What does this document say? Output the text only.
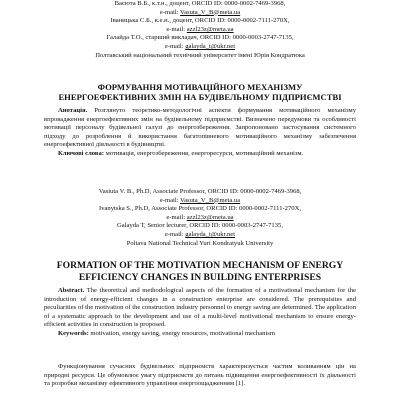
Васюта В.Б., к.т.н., доцент, ORCID ID: 0000-0002-7469-3968,
e-mail: Vasuta_V_B@meta.ua
Іваницька С.Б., к.е.н., доцент, ORCID ID: 0000-0002-7111-270X,
e-mail: azzl23z@meta.ua
Галайда Т.О., старший викладач, ORCID ID: 0000-0003-2747-7135,
e-mail: galayda_t@ukr.net
Полтавський національний технічний університет імені Юрія Кондратюка
ФОРМУВАННЯ МОТИВАЦІЙНОГО МЕХАНІЗМУ
ЕНЕРГОЕФЕКТИВНИХ ЗМІН НА БУДІВЕЛЬНОМУ ПІДПРИЄМСТВІ
Анотація. Розглянуто теоретико-методологічні аспекти формування мотиваційного механізму впровадження енергоефективних змін на будівельному підприємстві. Визначено передумови та особливості мотивації персоналу будівельної галузі до енергозбереження. Запропоновано застосування системного підходу до розроблення й використання багатопівневого мотиваційного механізму забезпечення енергоефективної діяльності в будівництві.
Ключові слова: мотивація, енергозбереження, енергоресурси, мотиваційний механізм.
Vasiuta V. B., Ph.D, Associate Professor, ORCID ID: 0000-0002-7469-3968,
e-mail: Vasuta_V_B@meta.ua
Ivanytska S., Ph.D, Associate Professor, ORCID ID: 0000-0002-7111-270X,
e-mail: azzl23z@meta.ua
Galayda T, Senior lecturer, ORCID ID: 0000-0003-2747-7135,
e-mail: galayda_t@ukr.net
Poltava National Technical Yuri Kondratyuk University
FORMATION OF THE MOTIVATION MECHANISM OF ENERGY
EFFICIENCY CHANGES IN BUILDING ENTERPRISES
Abstract. The theoretical and methodological aspects of the formation of a motivational mechanism for the introduction of energy-efficient changes in a construction enterprise are considered. The prerequisites and peculiarities of the motivation of the construction industry personnel to energy saving are determined. The application of a systematic approach to the development and use of a multi-level motivational mechanism to ensure energy-efficient activities in construction is proposed.
Keywords: motivation, energy saving, energy resources, motivational mechanism
Функціонування сучасних будівельних підприємств характеризується частим коливанням цін на природні ресурси. Це обумовлює увагу підприємств до питань підвищення енергоефективності їх діяльності та розробки механізму ефективного управління енергоощадженням [1].
